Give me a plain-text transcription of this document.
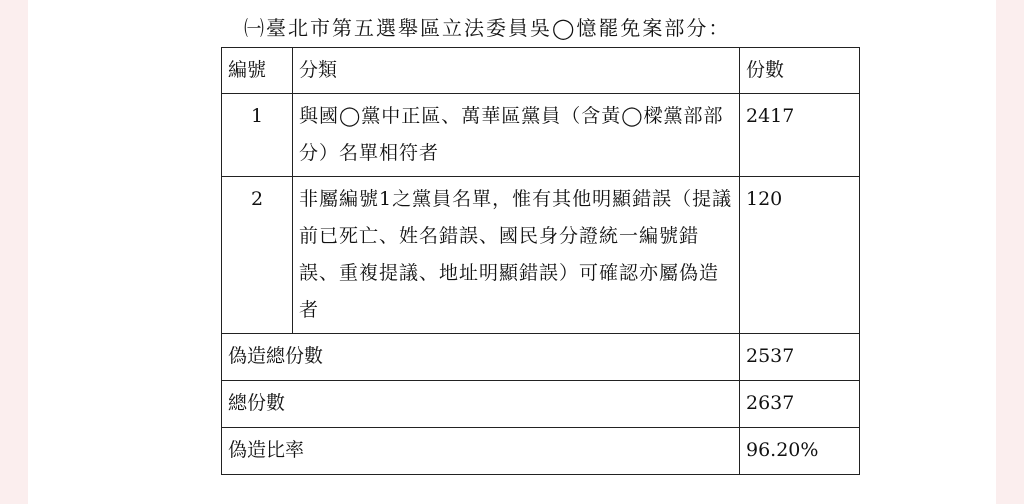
㈠臺北市第五選舉區立法委員吳◯憶罷免案部分：
編號	分類	份數
1	與國◯黨中正區、萬華區黨員（含黃◯樑黨部部分）名單相符者	2417
2	非屬編號1之黨員名單，惟有其他明顯錯誤（提議前已死亡、姓名錯誤、國民身分證統一編號錯誤、重複提議、地址明顯錯誤）可確認亦屬偽造者	120
偽造總份數		2537
總份數		2637
偽造比率		96.20%
